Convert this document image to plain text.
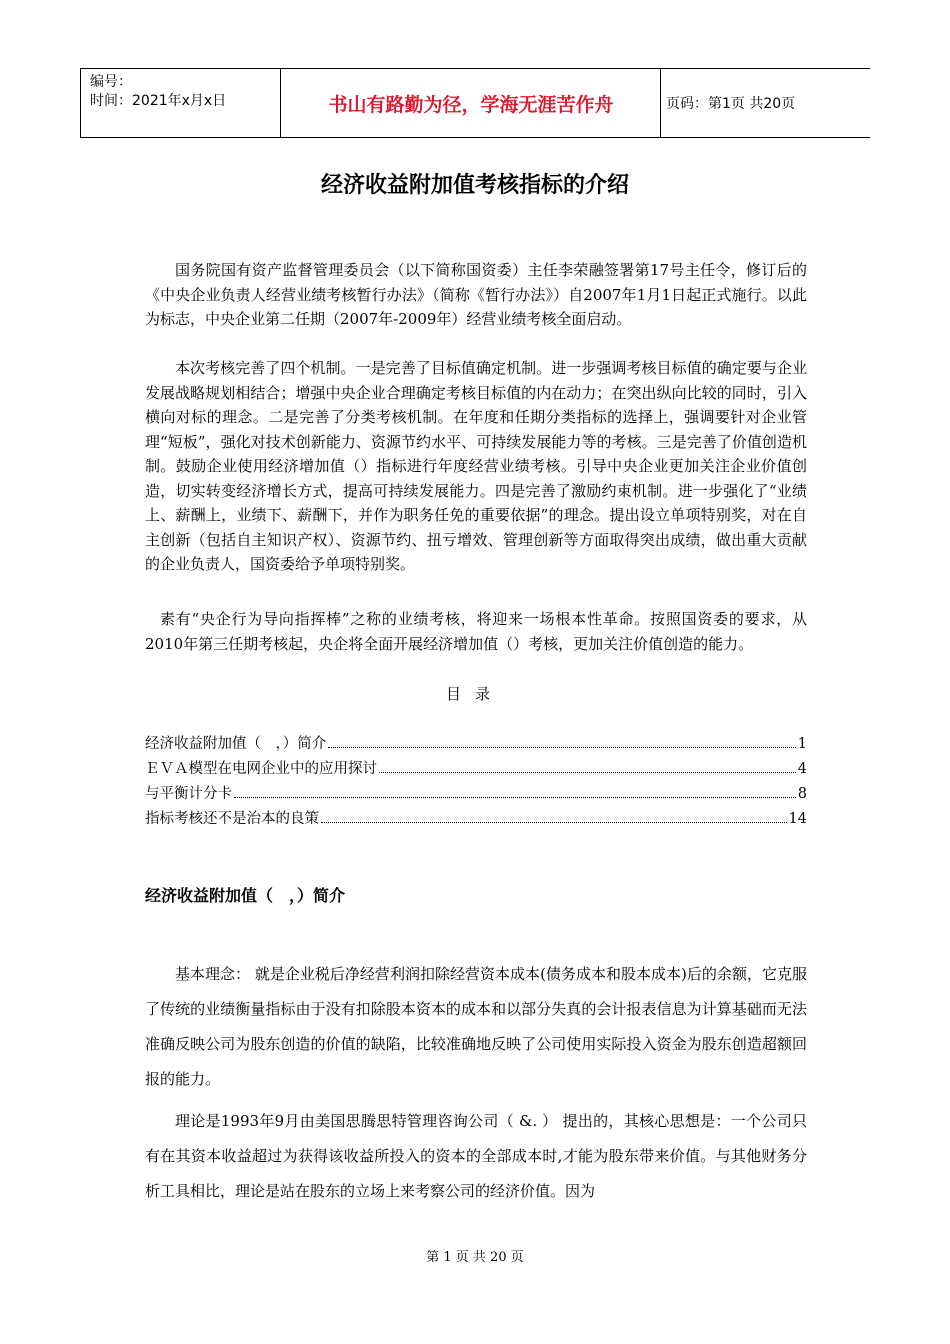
编号：
时间：2021年x月x日	书山有路勤为径，学海无涯苦作舟	页码：第1页 共20页
经济收益附加值考核指标的介绍
国务院国有资产监督管理委员会（以下简称国资委）主任李荣融签署第17号主任令，修订后的《中央企业负责人经营业绩考核暂行办法》（简称《暂行办法》）自2007年1月1日起正式施行。以此为标志，中央企业第二任期（2007年-2009年）经营业绩考核全面启动。
本次考核完善了四个机制。一是完善了目标值确定机制。进一步强调考核目标值的确定要与企业发展战略规划相结合；增强中央企业合理确定考核目标值的内在动力；在突出纵向比较的同时，引入横向对标的理念。二是完善了分类考核机制。在年度和任期分类指标的选择上，强调要针对企业管理“短板”，强化对技术创新能力、资源节约水平、可持续发展能力等的考核。三是完善了价值创造机制。鼓励企业使用经济增加值（）指标进行年度经营业绩考核。引导中央企业更加关注企业价值创造，切实转变经济增长方式，提高可持续发展能力。四是完善了激励约束机制。进一步强化了“业绩上、薪酬上，业绩下、薪酬下，并作为职务任免的重要依据”的理念。提出设立单项特别奖，对在自主创新（包括自主知识产权）、资源节约、扭亏增效、管理创新等方面取得突出成绩，做出重大贡献的企业负责人，国资委给予单项特别奖。
素有“央企行为导向指挥棒”之称的业绩考核，将迎来一场根本性革命。按照国资委的要求，从2010年第三任期考核起，央企将全面开展经济增加值（）考核，更加关注价值创造的能力。
目录
经济收益附加值（　，）简介	1
ＥＶＡ模型在电网企业中的应用探讨	4
与平衡计分卡	8
指标考核还不是治本的良策	14
经济收益附加值（　，）简介
基本理念： 就是企业税后净经营利润扣除经营资本成本(债务成本和股本成本)后的余额，它克服了传统的业绩衡量指标由于没有扣除股本资本的成本和以部分失真的会计报表信息为计算基础而无法准确反映公司为股东创造的价值的缺陷，比较准确地反映了公司使用实际投入资金为股东创造超额回报的能力。
理论是1993年9月由美国思腾思特管理咨询公司（ &. ） 提出的，其核心思想是：一个公司只有在其资本收益超过为获得该收益所投入的资本的全部成本时,才能为股东带来价值。与其他财务分析工具相比，理论是站在股东的立场上来考察公司的经济价值。因为
第 1 页 共 20 页
